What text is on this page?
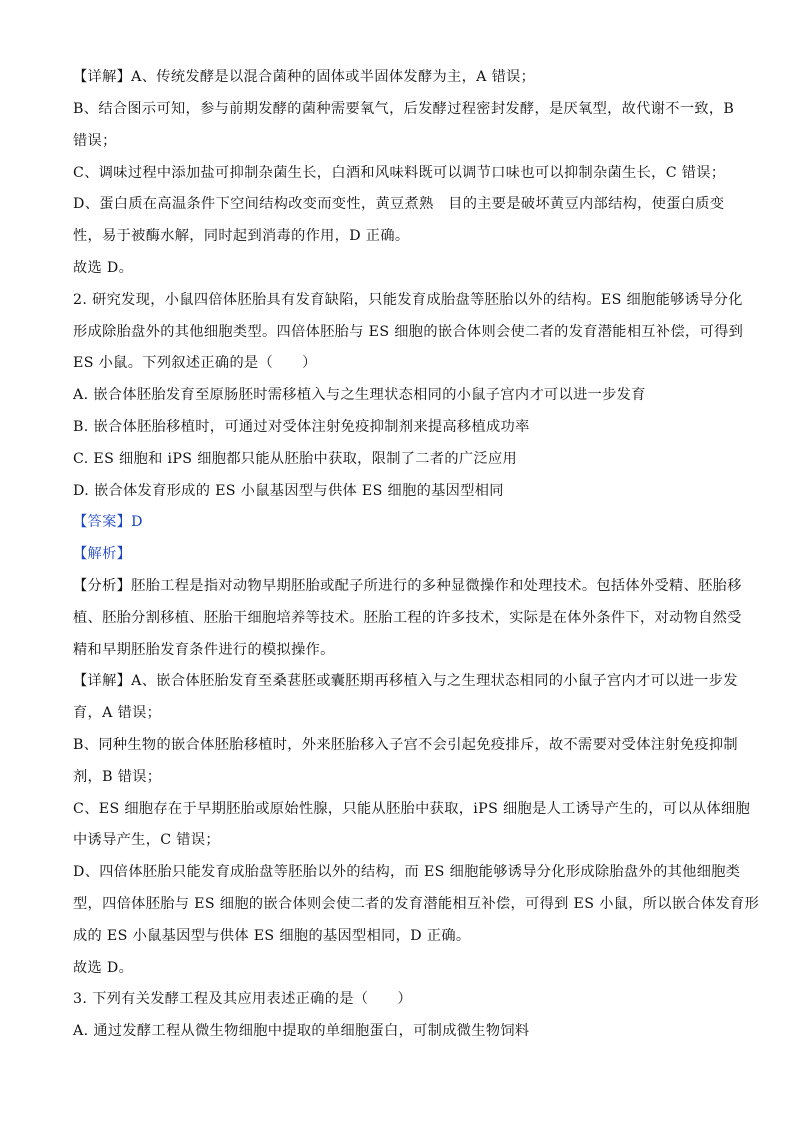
【详解】A、传统发酵是以混合菌种的固体或半固体发酵为主，A 错误；
B、结合图示可知，参与前期发酵的菌种需要氧气，后发酵过程密封发酵，是厌氧型，故代谢不一致，B
错误；
C、调味过程中添加盐可抑制杂菌生长，白酒和风味料既可以调节口味也可以抑制杂菌生长，C 错误；
D、蛋白质在高温条件下空间结构改变而变性，黄豆煮熟　目的主要是破坏黄豆内部结构，使蛋白质变
性，易于被酶水解，同时起到消毒的作用，D 正确。
故选 D。
2. 研究发现，小鼠四倍体胚胎具有发育缺陷，只能发育成胎盘等胚胎以外的结构。ES 细胞能够诱导分化
形成除胎盘外的其他细胞类型。四倍体胚胎与 ES 细胞的嵌合体则会使二者的发育潜能相互补偿，可得到
ES 小鼠。下列叙述正确的是（　　）
A. 嵌合体胚胎发育至原肠胚时需移植入与之生理状态相同的小鼠子宫内才可以进一步发育
B. 嵌合体胚胎移植时，可通过对受体注射免疫抑制剂来提高移植成功率
C. ES 细胞和 iPS 细胞都只能从胚胎中获取，限制了二者的广泛应用
D. 嵌合体发育形成的 ES 小鼠基因型与供体 ES 细胞的基因型相同
【答案】D
【解析】
【分析】胚胎工程是指对动物早期胚胎或配子所进行的多种显微操作和处理技术。包括体外受精、胚胎移
植、胚胎分割移植、胚胎干细胞培养等技术。胚胎工程的许多技术，实际是在体外条件下，对动物自然受
精和早期胚胎发育条件进行的模拟操作。
【详解】A、嵌合体胚胎发育至桑葚胚或囊胚期再移植入与之生理状态相同的小鼠子宫内才可以进一步发
育，A 错误；
B、同种生物的嵌合体胚胎移植时，外来胚胎移入子宫不会引起免疫排斥，故不需要对受体注射免疫抑制
剂，B 错误；
C、ES 细胞存在于早期胚胎或原始性腺，只能从胚胎中获取，iPS 细胞是人工诱导产生的，可以从体细胞
中诱导产生，C 错误；
D、四倍体胚胎只能发育成胎盘等胚胎以外的结构，而 ES 细胞能够诱导分化形成除胎盘外的其他细胞类
型，四倍体胚胎与 ES 细胞的嵌合体则会使二者的发育潜能相互补偿，可得到 ES 小鼠，所以嵌合体发育形
成的 ES 小鼠基因型与供体 ES 细胞的基因型相同，D 正确。
故选 D。
3. 下列有关发酵工程及其应用表述正确的是（　　）
A. 通过发酵工程从微生物细胞中提取的单细胞蛋白，可制成微生物饲料
